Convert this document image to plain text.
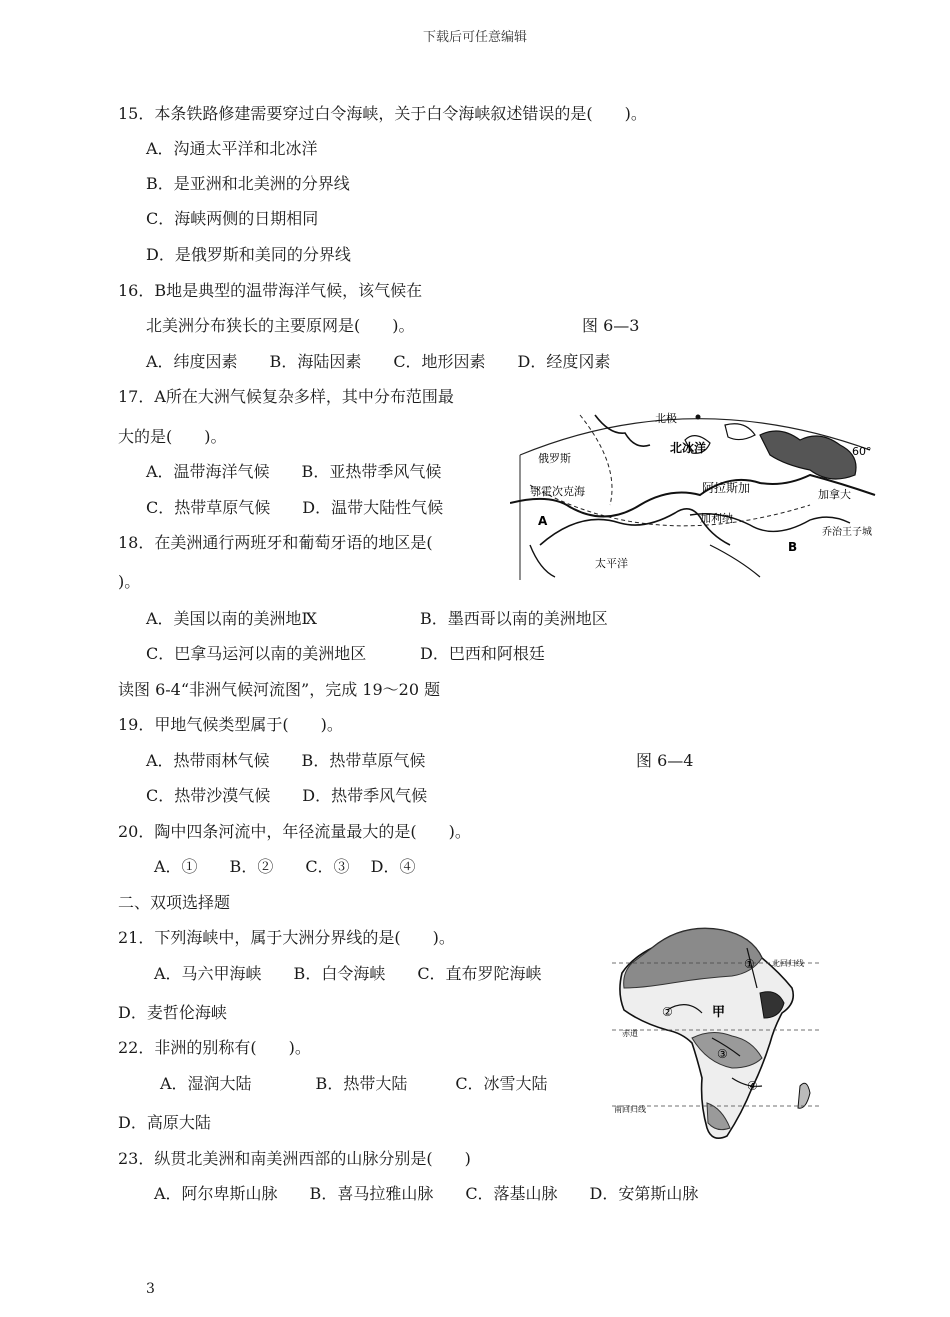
下载后可任意编辑
15．本条铁路修建需要穿过白令海峡，关于白令海峡叙述错误的是(　　)。
A．沟通太平洋和北冰洋
B．是亚洲和北美洲的分界线
C．海峡两侧的日期相同
D．是俄罗斯和美同的分界线
16．B地是典型的温带海洋气候，该气候在
北美洲分布狭长的主要原网是(　　)。	图 6—3
A．纬度因素　　B．海陆因素　　C．地形因素　　D．经度冈素
17．A所在大洲气候复杂多样，其中分布范围最
大的是(　　)。
A．温带海洋气候　　B．亚热带季风气候
C．热带草原气候　　D．温带大陆性气候
18．在美洲通行两班牙和葡萄牙语的地区是(
)。
A．美国以南的美洲地Ⅸ	B．墨西哥以南的美洲地区
C．巴拿马运河以南的美洲地区	D．巴西和阿根廷
读图 6-4“非洲气候河流图”，完成 19～20 题
19．甲地气候类型属于(　　)。
A．热带雨林气候　　B．热带草原气候	图 6—4
C．热带沙漠气候　　D．热带季风气候
20．陶中四条河流中，年径流量最大的是(　　)。
A．①　　B．②　　C．③　 D．④
二、双项选择题
21．下列海峡中，属于大洲分界线的是(　　)。
A．马六甲海峡　　B．白令海峡　　C．直布罗陀海峡
D．麦哲伦海峡
22．非洲的别称有(　　)。
A．湿润大陆　　　　B．热带大陆　　　C．冰雪大陆
D．高原大陆
23．纵贯北美洲和南美洲西部的山脉分别是(　　)
A．阿尔卑斯山脉　　B．喜马拉雅山脉　　C．落基山脉　　D．安第斯山脉
北极
北冰洋
俄罗斯
阿拉斯加
鄂霍次克海	加拿大
加利纳
太平洋
乔治王子城
60°
A
B
北回归线
赤道
南回归线
甲
①
②
③
④
3
